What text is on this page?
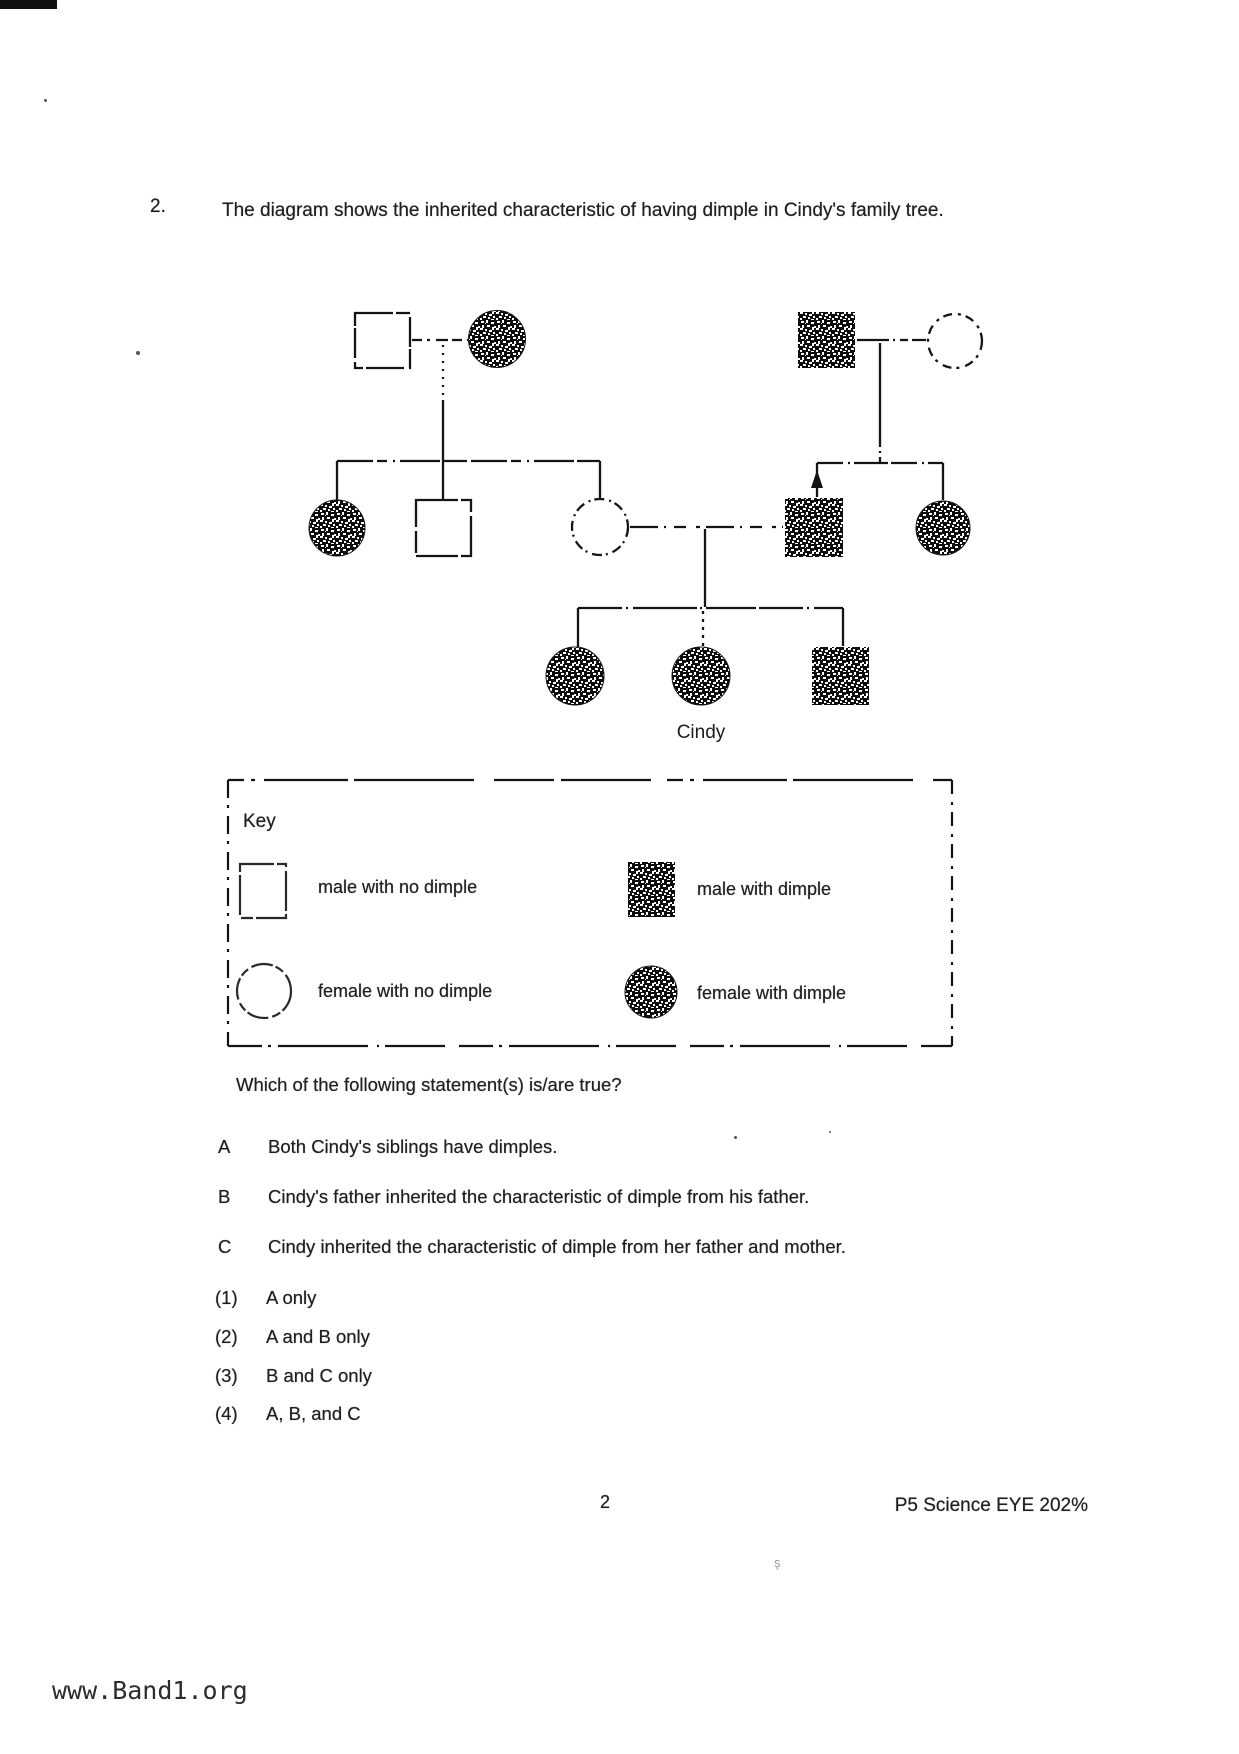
2.	The diagram shows the inherited characteristic of having dimple in Cindy's family tree.
Cindy
Key
male with no dimple	male with dimple
female with no dimple	female with dimple
Which of the following statement(s) is/are true?
A Both Cindy's siblings have dimples.
B Cindy's father inherited the characteristic of dimple from his father.
C Cindy inherited the characteristic of dimple from her father and mother.
(1) A only
(2) A and B only
(3) B and C only
(4) A, B, and C
2	P5 Science EYE 202%
ş
www.Band1.org
